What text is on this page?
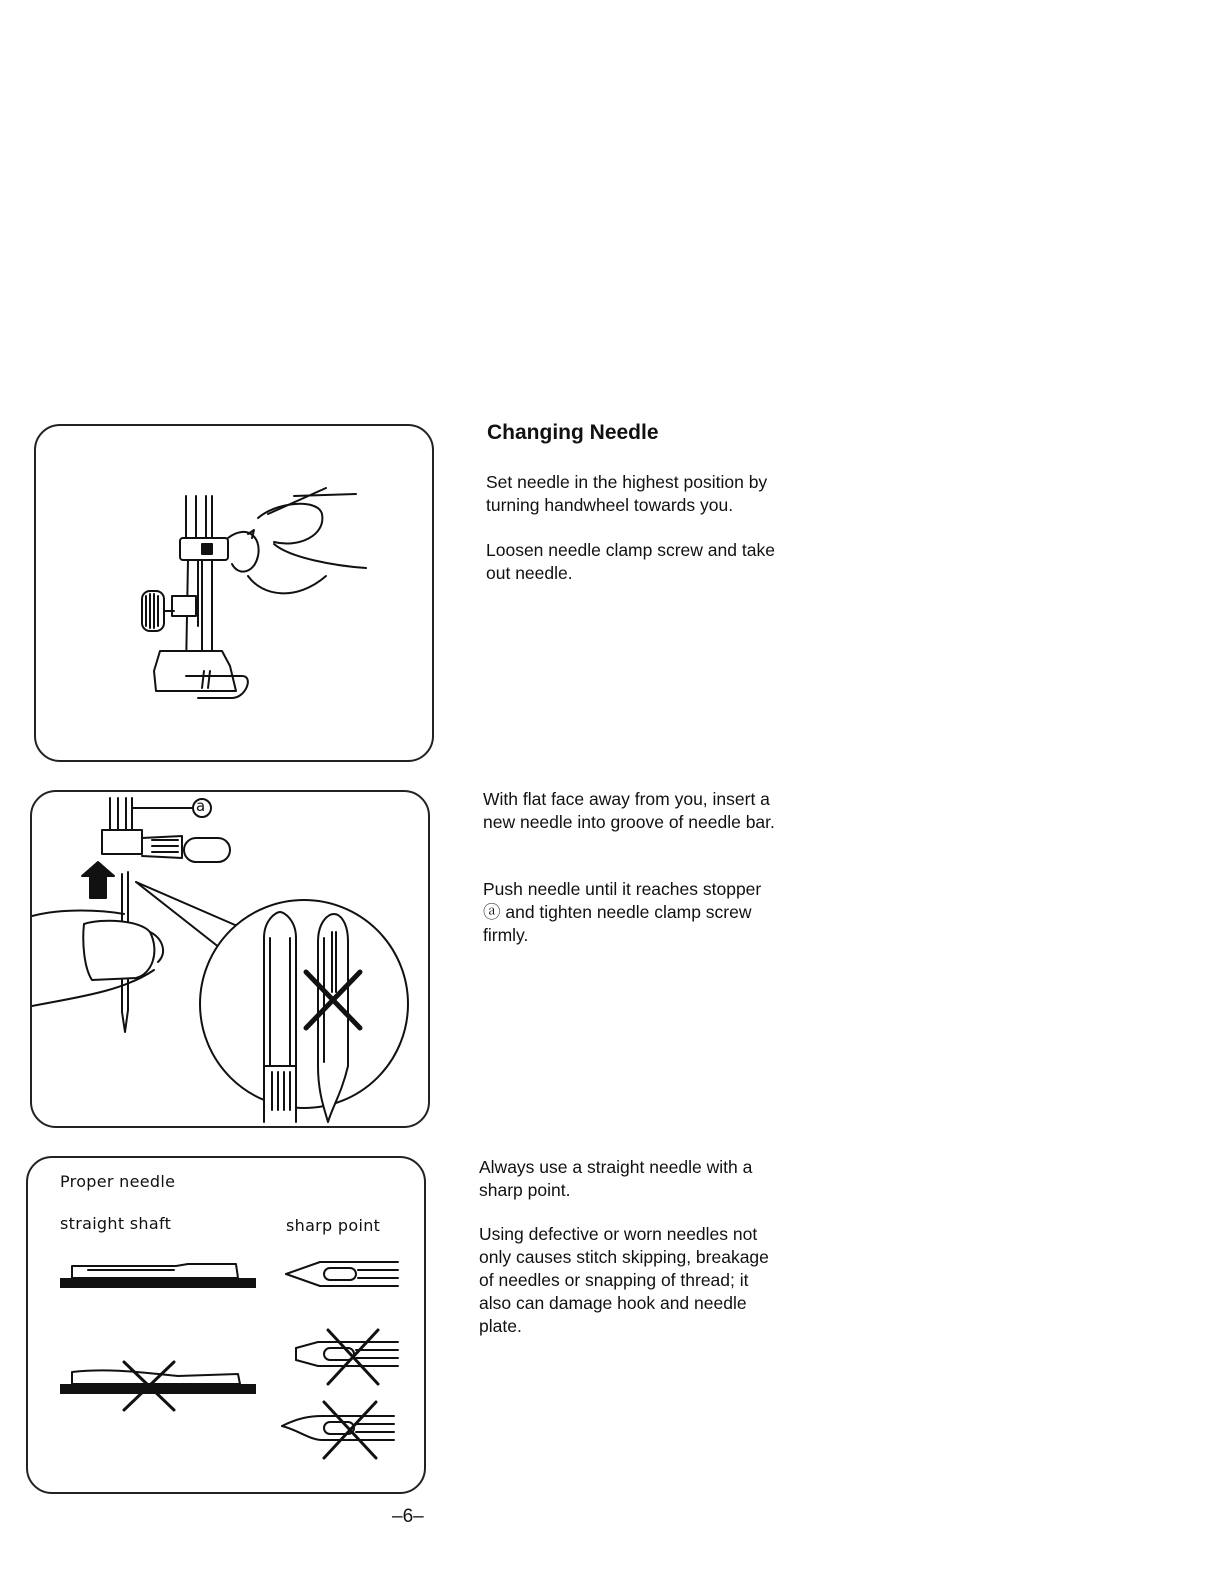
a

Proper needle

straight shaft	sharp point

Changing Needle

Set needle in the highest position by turning handwheel towards you.

Loosen needle clamp screw and take out needle.

With flat face away from you, insert a new needle into groove of needle bar.

Push needle until it reaches stopper ⓐ and tighten needle clamp screw firmly.

Always use a straight needle with a sharp point.

Using defective or worn needles not only causes stitch skipping, breakage of needles or snapping of thread; it also can damage hook and needle plate.

–6–
